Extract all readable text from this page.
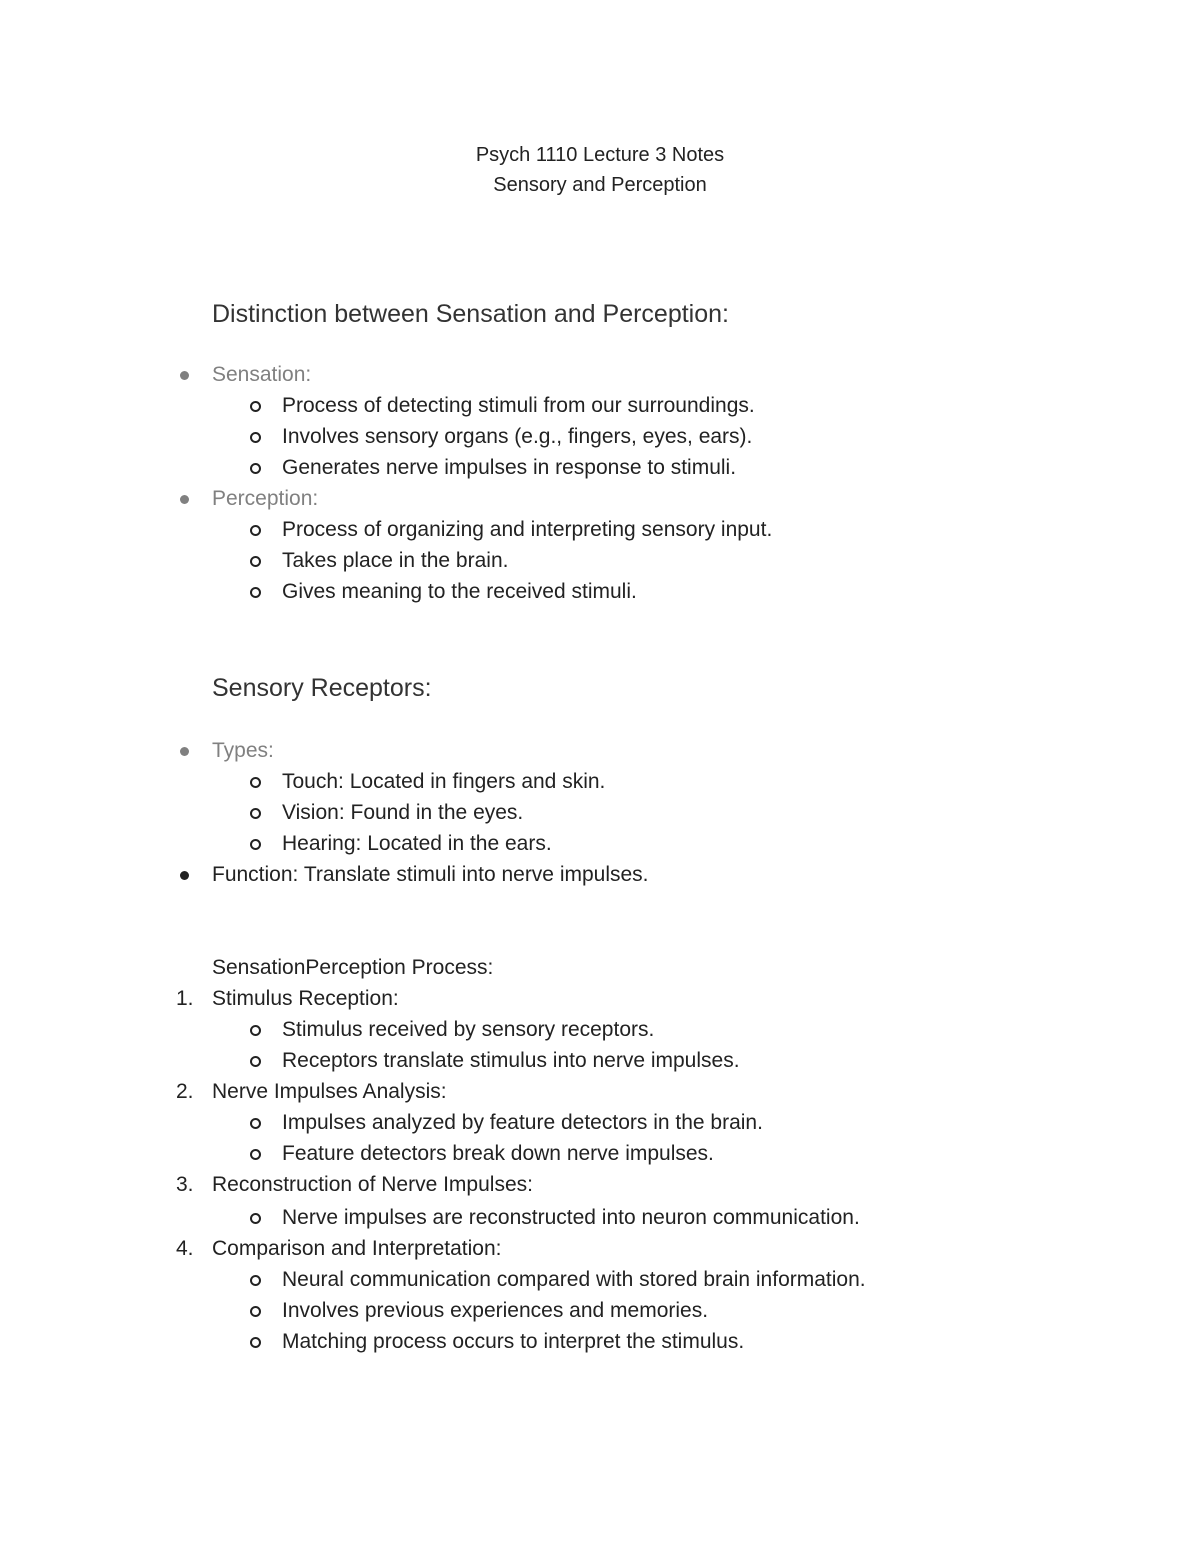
Psych 1110 Lecture 3 Notes
Sensory and Perception
Distinction between Sensation and Perception:
Sensation:
Process of detecting stimuli from our surroundings.
Involves sensory organs (e.g., fingers, eyes, ears).
Generates nerve impulses in response to stimuli.
Perception:
Process of organizing and interpreting sensory input.
Takes place in the brain.
Gives meaning to the received stimuli.
Sensory Receptors:
Types:
Touch: Located in fingers and skin.
Vision: Found in the eyes.
Hearing: Located in the ears.
Function: Translate stimuli into nerve impulses.
SensationPerception Process:
1. Stimulus Reception:
Stimulus received by sensory receptors.
Receptors translate stimulus into nerve impulses.
2. Nerve Impulses Analysis:
Impulses analyzed by feature detectors in the brain.
Feature detectors break down nerve impulses.
3. Reconstruction of Nerve Impulses:
Nerve impulses are reconstructed into neuron communication.
4. Comparison and Interpretation:
Neural communication compared with stored brain information.
Involves previous experiences and memories.
Matching process occurs to interpret the stimulus.
